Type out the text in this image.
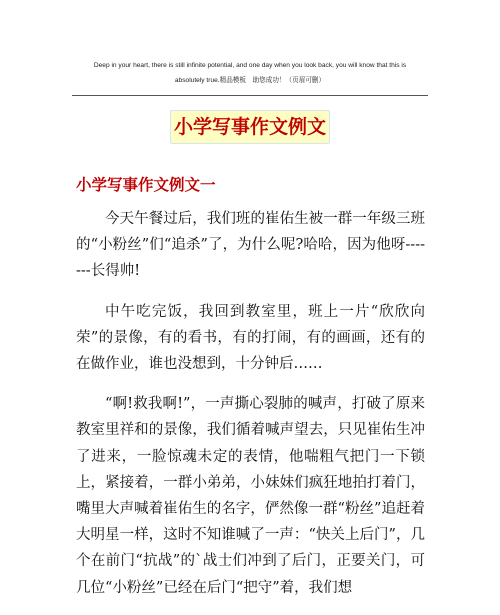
Deep in your heart, there is still infinite potential, and one day when you look back, you will know that this is
absolutely true.精品模板　助您成功！（页眉可删）
小学写事作文例文
小学写事作文例文一

今天午餐过后，我们班的崔佑生被一群一年级三班的“小粉丝”们“追杀”了，为什么呢?哈哈，因为他呀-------长得帅!

中午吃完饭，我回到教室里，班上一片“欣欣向荣”的景像，有的看书，有的打闹，有的画画，还有的在做作业，谁也没想到，十分钟后……

“啊!救我啊!”，一声撕心裂肺的喊声，打破了原来教室里祥和的景像，我们循着喊声望去，只见崔佑生冲了进来，一脸惊魂未定的表情，他喘粗气把门一下锁上，紧接着，一群小弟弟，小妹妹们疯狂地拍打着门，嘴里大声喊着崔佑生的名字，俨然像一群“粉丝”追赶着大明星一样，这时不知谁喊了一声：“快关上后门”，几个在前门“抗战”的`战士们冲到了后门，正要关门，可几位“小粉丝”已经在后门“把守”着，我们想
